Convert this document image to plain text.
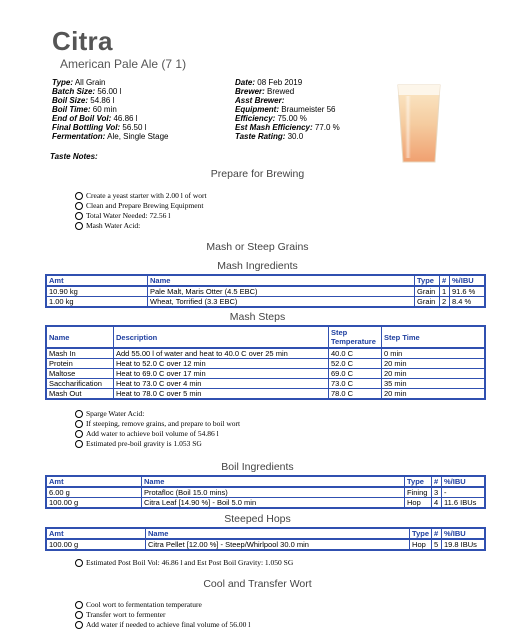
Citra
American Pale Ale (7 1)
Type: All Grain
Batch Size: 56.00 l
Boil Size: 54.86 l
Boil Time: 60 min
End of Boil Vol: 46.86 l
Final Bottling Vol: 56.50 l
Fermentation: Ale, Single Stage
Date: 08 Feb 2019
Brewer: Brewed
Asst Brewer:
Equipment: Braumeister 56
Efficiency: 75.00 %
Est Mash Efficiency: 77.0 %
Taste Rating: 30.0
Taste Notes:
Prepare for Brewing
Create a yeast starter with 2.00 l of wort
Clean and Prepare Brewing Equipment
Total Water Needed: 72.56 l
Mash Water Acid:
Mash or Steep Grains
Mash Ingredients
Amt	Name	Type	#	%/IBU
10.90 kg	Pale Malt, Maris Otter (4.5 EBC)	Grain	1	91.6 %
1.00 kg	Wheat, Torrified (3.3 EBC)	Grain	2	8.4 %
Mash Steps
Name	Description	Step Temperature	Step Time
Mash In	Add 55.00 l of water and heat to 40.0 C over 25 min	40.0 C	0 min
Protein	Heat to 52.0 C over 12 min	52.0 C	20 min
Maltose	Heat to 69.0 C over 17 min	69.0 C	20 min
Saccharification	Heat to 73.0 C over 4 min	73.0 C	35 min
Mash Out	Heat to 78.0 C over 5 min	78.0 C	20 min
Sparge Water Acid:
If steeping, remove grains, and prepare to boil wort
Add water to achieve boil volume of 54.86 l
Estimated pre-boil gravity is 1.053 SG
Boil Ingredients
Amt	Name	Type	#	%/IBU
6.00 g	Protafloc (Boil 15.0 mins)	Fining	3	-
100.00 g	Citra Leaf [14.90 %] - Boil 5.0 min	Hop	4	11.6 IBUs
Steeped Hops
Amt	Name	Type	#	%/IBU
100.00 g	Citra Pellet [12.00 %] - Steep/Whirlpool 30.0 min	Hop	5	19.8 IBUs
Estimated Post Boil Vol: 46.86 l and Est Post Boil Gravity: 1.050 SG
Cool and Transfer Wort
Cool wort to fermentation temperature
Transfer wort to fermenter
Add water if needed to achieve final volume of 56.00 l
